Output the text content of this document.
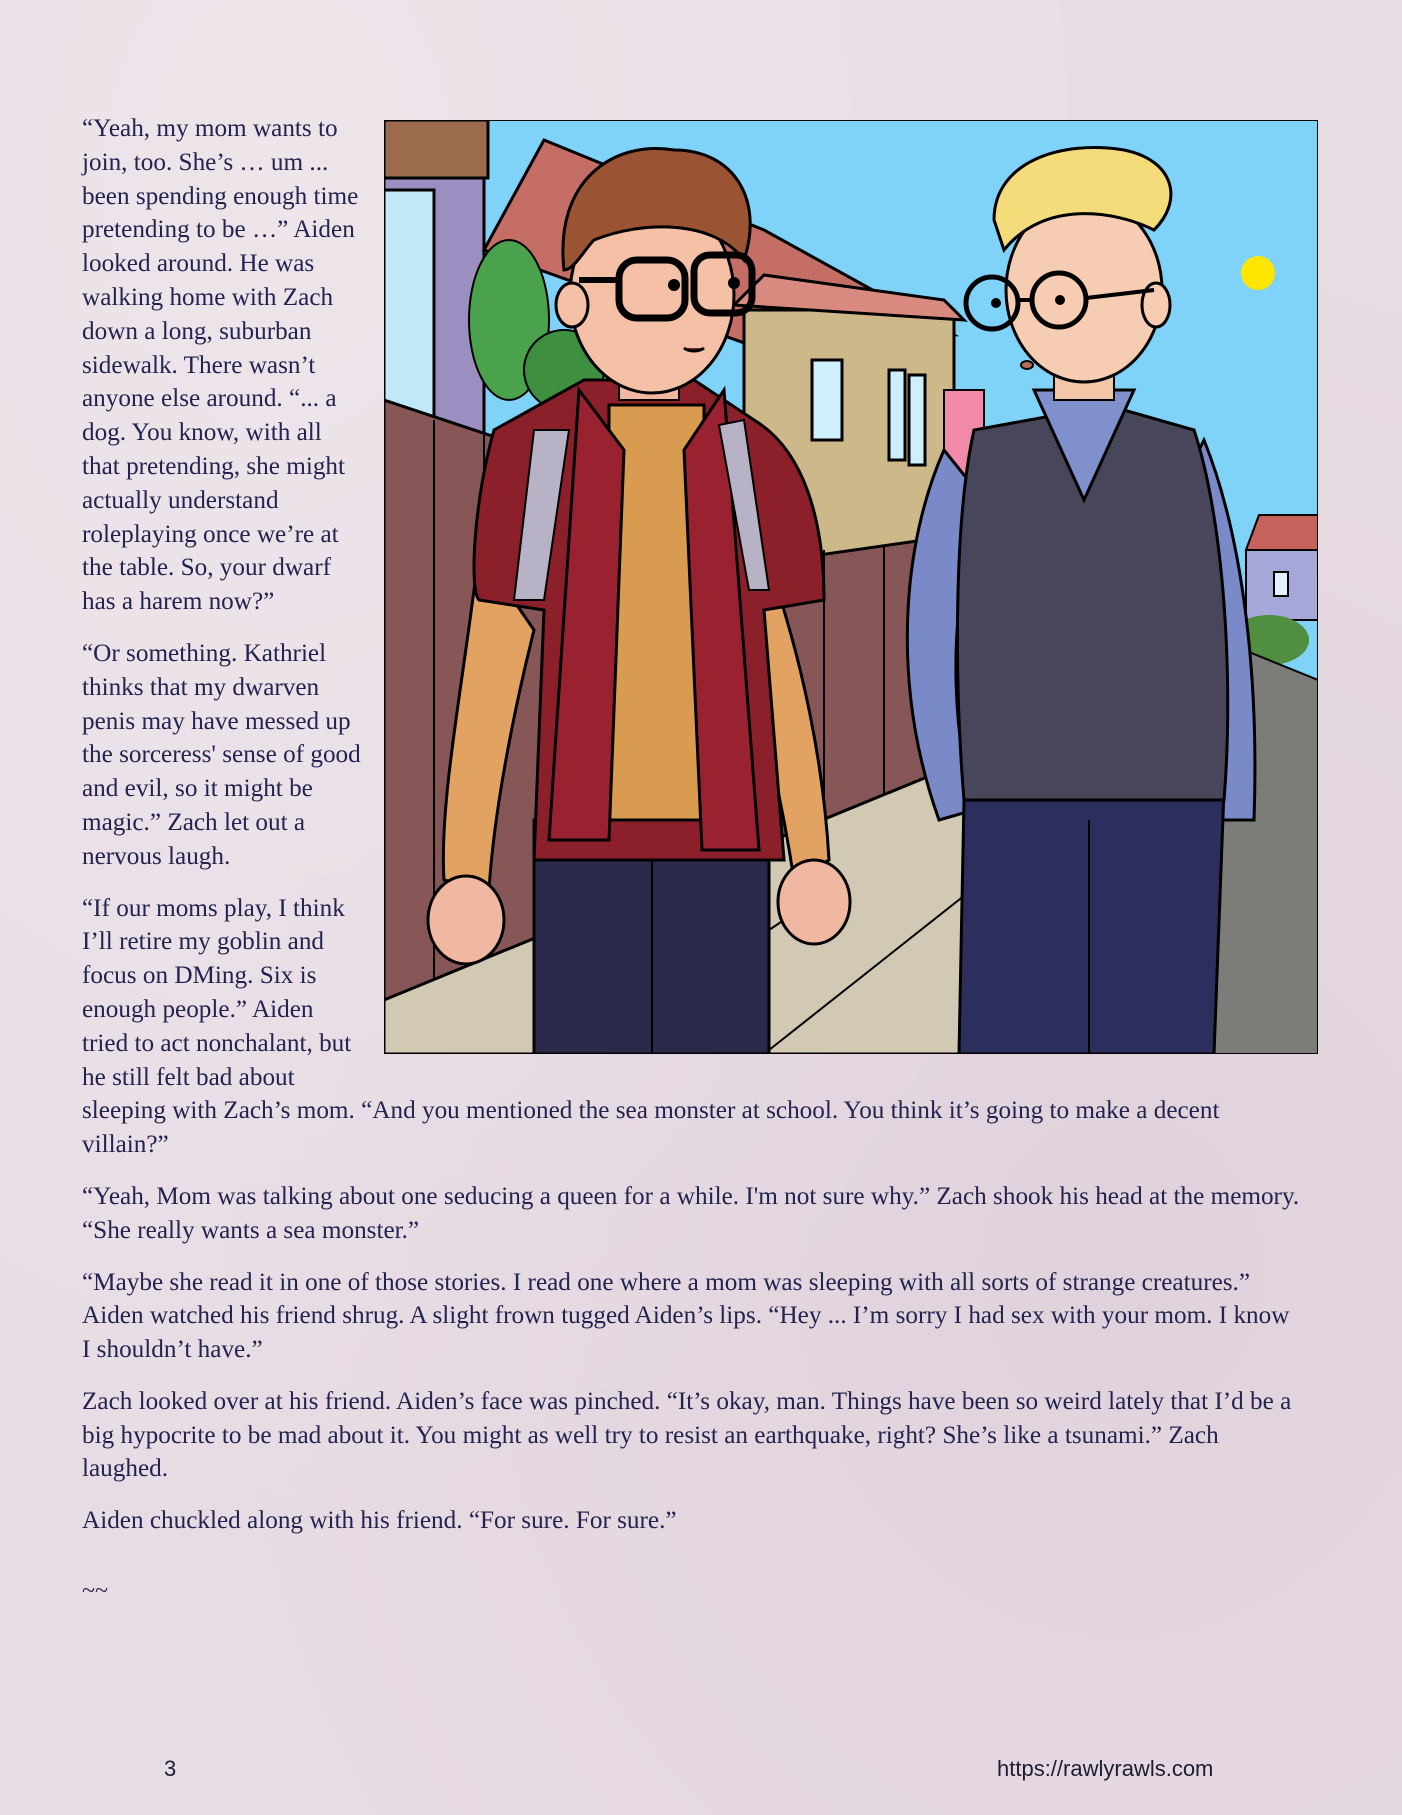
“Yeah, my mom wants to join, too. She’s … um ... been spending enough time pretending to be …” Aiden looked around. He was walking home with Zach down a long, suburban sidewalk. There wasn’t anyone else around. “... a dog. You know, with all that pretending, she might actually understand roleplaying once we’re at the table. So, your dwarf has a harem now?”

“Or something. Kathriel thinks that my dwarven penis may have messed up the sorceress' sense of good and evil, so it might be magic.” Zach let out a nervous laugh.

“If our moms play, I think I’ll retire my goblin and focus on DMing. Six is enough people.” Aiden tried to act nonchalant, but he still felt bad about sleeping with Zach’s mom. “And you mentioned the sea monster at school. You think it’s going to make a decent villain?”

“Yeah, Mom was talking about one seducing a queen for a while. I'm not sure why.” Zach shook his head at the memory. “She really wants a sea monster.”

“Maybe she read it in one of those stories. I read one where a mom was sleeping with all sorts of strange creatures.” Aiden watched his friend shrug. A slight frown tugged Aiden’s lips. “Hey ... I’m sorry I had sex with your mom. I know I shouldn’t have.”

Zach looked over at his friend. Aiden’s face was pinched. “It’s okay, man. Things have been so weird lately that I’d be a big hypocrite to be mad about it. You might as well try to resist an earthquake, right? She’s like a tsunami.” Zach laughed.

Aiden chuckled along with his friend. “For sure. For sure.”

~~
3	https://rawlyrawls.com
